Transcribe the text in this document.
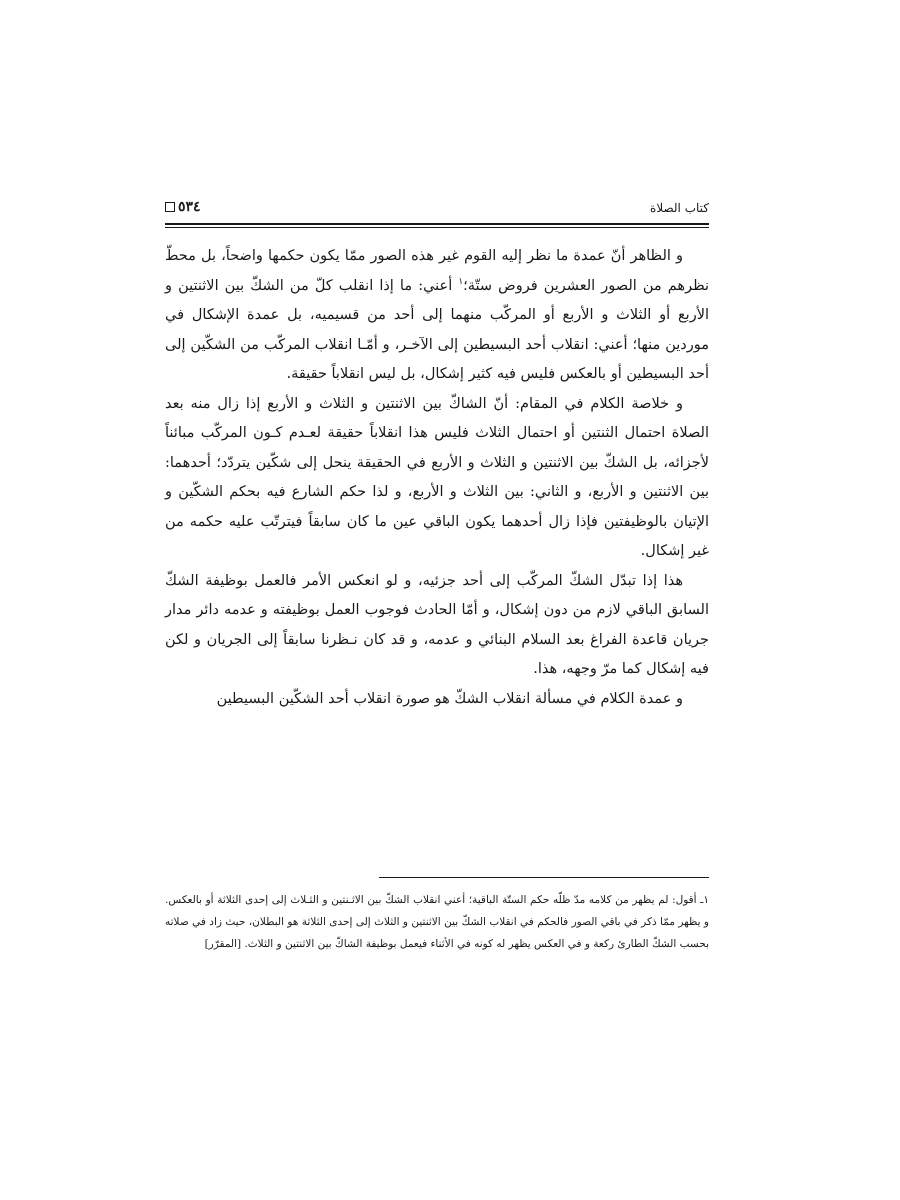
كتاب الصلاة
٥٣٤

و الظاهر أنّ عمدة ما نظر إليه القوم غير هذه الصور ممّا يكون حكمها واضحاً، بل محطّ نظرهم من الصور العشرين فروض ستّة؛$^١$ أعني: ما إذا انقلب كلّ من الشكّ بين الاثنتين و الأربع أو الثلاث و الأربع أو المركّب منهما إلى أحد من قسيميه، بل عمدة الإشكال في موردين منها؛ أعني: انقلاب أحد البسيطين إلى الآخـر، و أمّـا انقلاب المركّب من الشكّين إلى أحد البسيطين أو بالعكس فليس فيه كثير إشكال، بل ليس انقلاباً حقيقة.

و خلاصة الكلام في المقام: أنّ الشاكّ بين الاثنتين و الثلاث و الأربع إذا زال منه بعد الصلاة احتمال الثنتين أو احتمال الثلاث فليس هذا انقلاباً حقيقة لعـدم كـون المركّب مبائناً لأجزائه، بل الشكّ بين الاثنتين و الثلاث و الأربع في الحقيقة ينحل إلى شكّين يتردّد؛ أحدهما: بين الاثنتين و الأربع، و الثاني: بين الثلاث و الأربع، و لذا حكم الشارع فيه بحكم الشكّين و الإتيان بالوظيفتين فإذا زال أحدهما يكون الباقي عين ما كان سابقاً فيترتّب عليه حكمه من غير إشكال.

هذا إذا تبدّل الشكّ المركّب إلى أحد جزئيه، و لو انعكس الأمر فالعمل بوظيفة الشكّ السابق الباقي لازم من دون إشكال، و أمّا الحادث فوجوب العمل بوظيفته و عدمه دائر مدار جريان قاعدة الفراغ بعد السلام البنائي و عدمه، و قد كان نـظرنا سابقاً إلى الجريان و لكن فيه إشكال كما مرّ وجهه، هذا.

و عمدة الكلام في مسألة انقلاب الشكّ هو صورة انقلاب أحد الشكّين البسيطين

١ـ أقول: لم يظهر من كلامه مدّ ظلّه حكم الستّة الباقية؛ أعني انقلاب الشكّ بين الاثـنتين و الثـلاث إلى إحدى الثلاثة أو بالعكس. و يظهر ممّا ذكر في باقي الصور فالحكم في انقلاب الشكّ بين الاثنتين و الثلاث إلى إحدى الثلاثة هو البطلان، حيث زاد في صلاته بحسب الشكّ الطارئ ركعة و في العكس يظهر له كونه في الأثناء فيعمل بوظيفة الشاكّ بين الاثنتين و الثلاث. [المقرّر]
